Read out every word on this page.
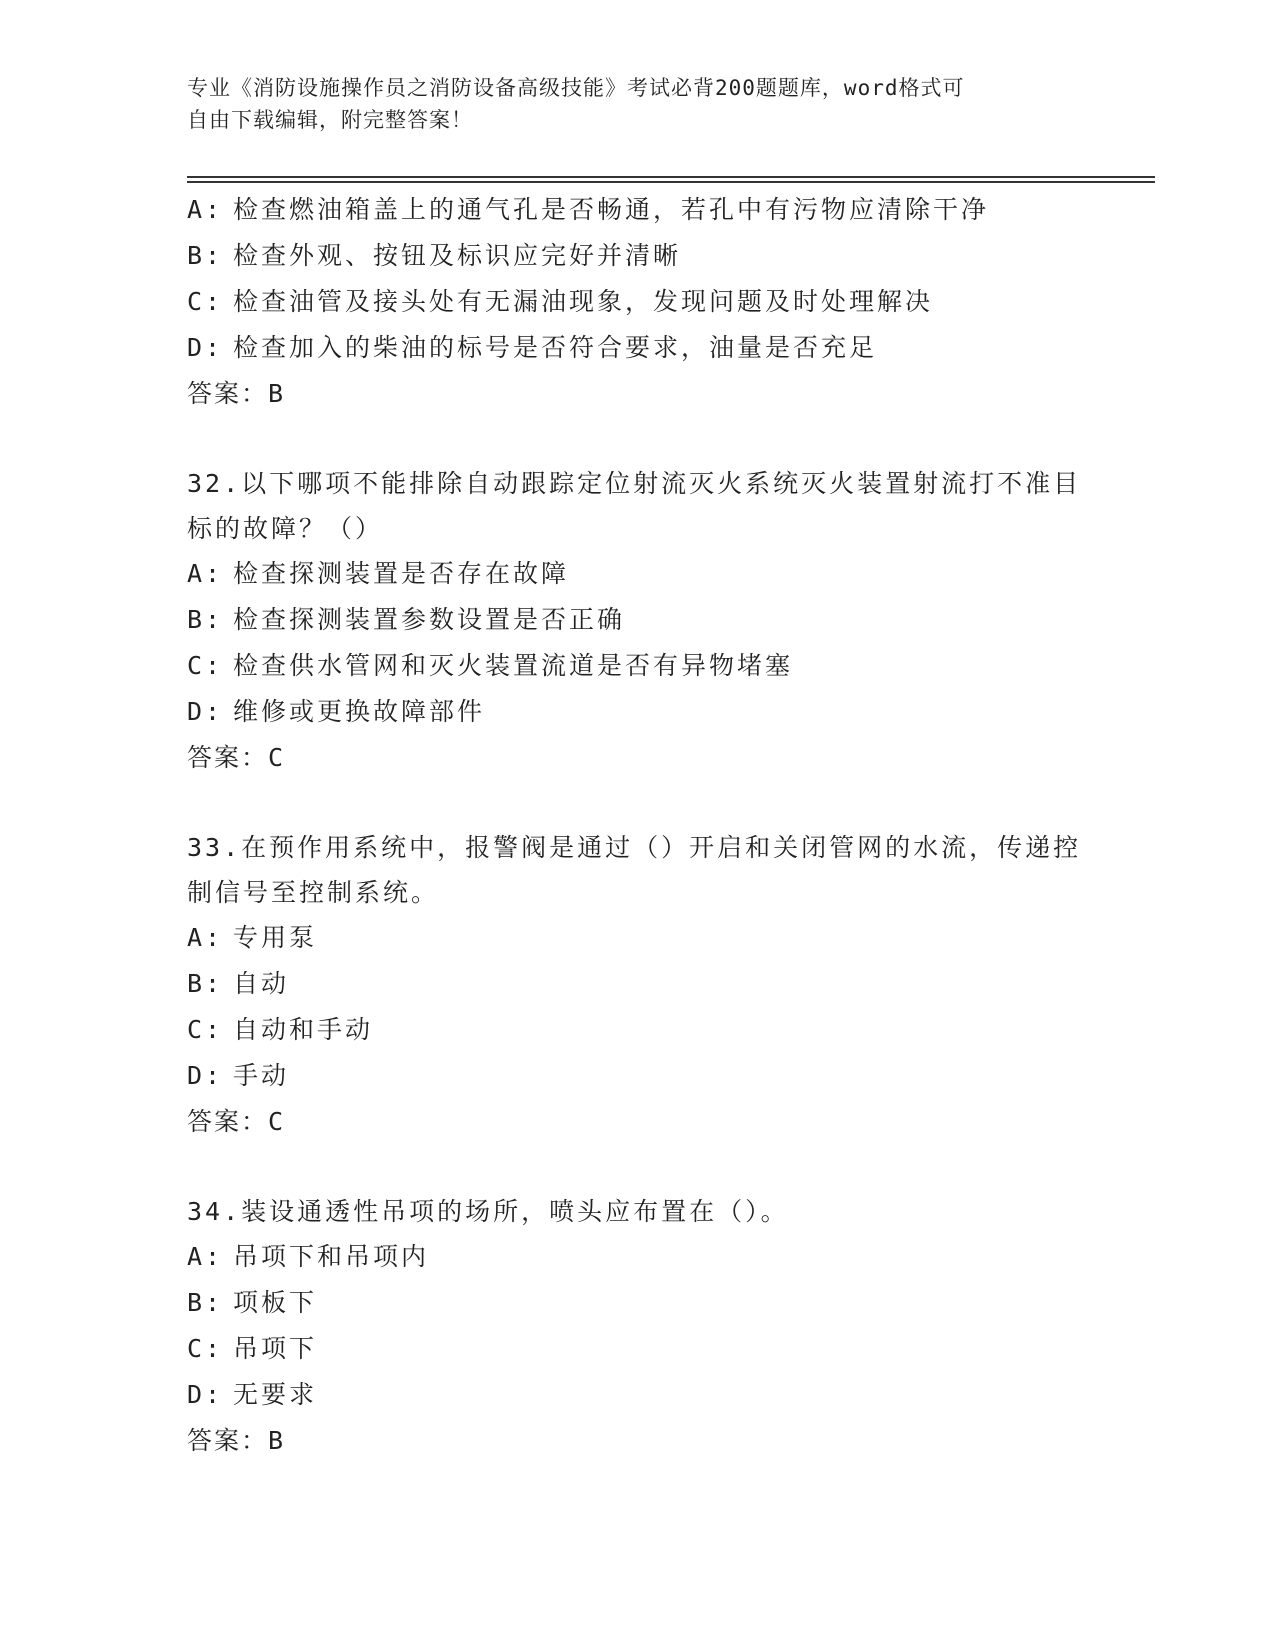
专业《消防设施操作员之消防设备高级技能》考试必背200题题库，word格式可
自由下载编辑，附完整答案！
A: 检查燃油箱盖上的通气孔是否畅通，若孔中有污物应清除干净
B: 检查外观、按钮及标识应完好并清晰
C: 检查油管及接头处有无漏油现象，发现问题及时处理解决
D: 检查加入的柴油的标号是否符合要求，油量是否充足
答案：B
32.以下哪项不能排除自动跟踪定位射流灭火系统灭火装置射流打不准目标的故障？（）
A: 检查探测装置是否存在故障
B: 检查探测装置参数设置是否正确
C: 检查供水管网和灭火装置流道是否有异物堵塞
D: 维修或更换故障部件
答案：C
33.在预作用系统中，报警阀是通过（）开启和关闭管网的水流，传递控制信号至控制系统。
A: 专用泵
B: 自动
C: 自动和手动
D: 手动
答案：C
34.装设通透性吊项的场所，喷头应布置在（）。
A: 吊项下和吊项内
B: 项板下
C: 吊项下
D: 无要求
答案：B
